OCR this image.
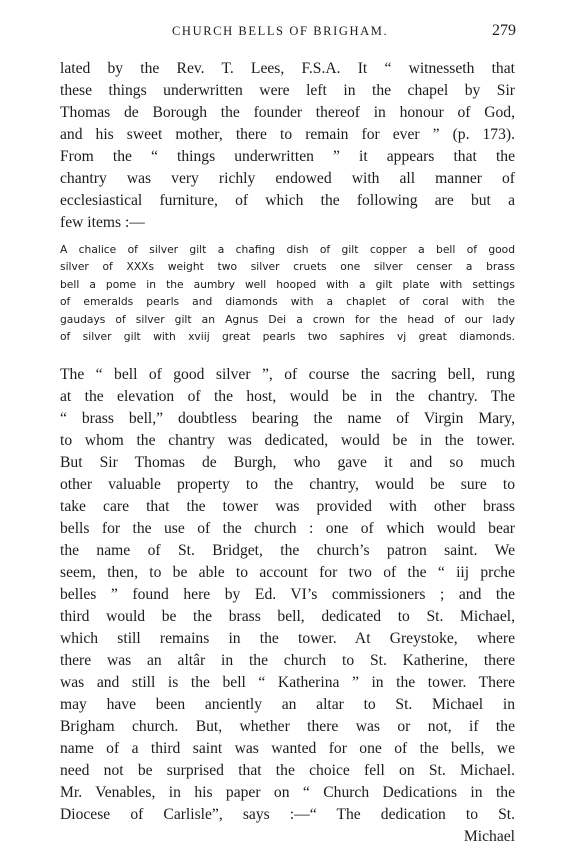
CHURCH BELLS OF BRIGHAM.	279
lated by the Rev. T. Lees, F.S.A. It “ witnesseth that
these things underwritten were left in the chapel by Sir
Thomas de Borough the founder thereof in honour of God,
and his sweet mother, there to remain for ever ” (p. 173).
From the “ things underwritten ” it appears that the
chantry was very richly endowed with all manner of
ecclesiastical furniture, of which the following are but a
few items :—
A chalice of silver gilt a chafing dish of gilt copper a bell of good
silver of XXXs weight two silver cruets one silver censer a brass
bell a pome in the aumbry well hooped with a gilt plate with settings
of emeralds pearls and diamonds with a chaplet of coral with the
gaudays of silver gilt an Agnus Dei a crown for the head of our lady
of silver gilt with xviij great pearls two saphires vj great diamonds.
The “ bell of good silver ”, of course the sacring bell, rung
at the elevation of the host, would be in the chantry. The
“ brass bell,” doubtless bearing the name of Virgin Mary,
to whom the chantry was dedicated, would be in the tower.
But Sir Thomas de Burgh, who gave it and so much
other valuable property to the chantry, would be sure to
take care that the tower was provided with other brass
bells for the use of the church : one of which would bear
the name of St. Bridget, the church’s patron saint. We
seem, then, to be able to account for two of the “ iij prche
belles ” found here by Ed. VI’s commissioners ; and the
third would be the brass bell, dedicated to St. Michael,
which still remains in the tower. At Greystoke, where
there was an altâr in the church to St. Katherine, there
was and still is the bell “ Katherina ” in the tower. There
may have been anciently an altar to St. Michael in
Brigham church. But, whether there was or not, if the
name of a third saint was wanted for one of the bells, we
need not be surprised that the choice fell on St. Michael.
Mr. Venables, in his paper on “ Church Dedications in the
Diocese of Carlisle”, says :—“ The dedication to St.
Michael
